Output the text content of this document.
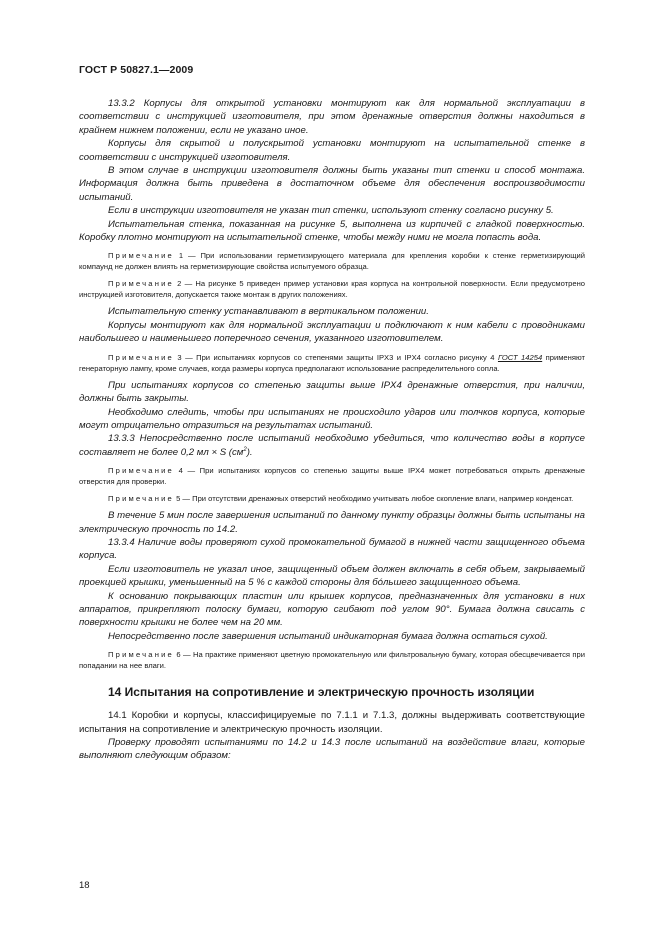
ГОСТ Р 50827.1—2009

13.3.2 Корпусы для открытой установки монтируют как для нормальной эксплуатации в соответствии с инструкцией изготовителя, при этом дренажные отверстия должны находиться в крайнем нижнем положении, если не указано иное.

Корпусы для скрытой и полускрытой установки монтируют на испытательной стенке в соответствии с инструкцией изготовителя.

В этом случае в инструкции изготовителя должны быть указаны тип стенки и способ монтажа. Информация должна быть приведена в достаточном объеме для обеспечения воспроизводимости испытаний.

Если в инструкции изготовителя не указан тип стенки, используют стенку согласно рисунку 5.

Испытательная стенка, показанная на рисунке 5, выполнена из кирпичей с гладкой поверхностью. Коробку плотно монтируют на испытательной стенке, чтобы между ними не могла попасть вода.

Примечание 1 — При использовании герметизирующего материала для крепления коробки к стенке герметизирующий компаунд не должен влиять на герметизирующие свойства испытуемого образца.

Примечание 2 — На рисунке 5 приведен пример установки края корпуса на контрольной поверхности. Если предусмотрено инструкцией изготовителя, допускается также монтаж в других положениях.

Испытательную стенку устанавливают в вертикальном положении.

Корпусы монтируют как для нормальной эксплуатации и подключают к ним кабели с проводниками наибольшего и наименьшего поперечного сечения, указанного изготовителем.

Примечание 3 — При испытаниях корпусов со степенями защиты IPX3 и IPX4 согласно рисунку 4 ГОСТ 14254 применяют генераторную лампу, кроме случаев, когда размеры корпуса предполагают использование распределительного сопла.

При испытаниях корпусов со степенью защиты выше IPX4 дренажные отверстия, при наличии, должны быть закрыты.

Необходимо следить, чтобы при испытаниях не происходило ударов или толчков корпуса, которые могут отрицательно отразиться на результатах испытаний.

13.3.3 Непосредственно после испытаний необходимо убедиться, что количество воды в корпусе составляет не более 0,2 мл × S $(см^2)$.

Примечание 4 — При испытаниях корпусов со степенью защиты выше IPX4 может потребоваться открыть дренажные отверстия для проверки.

Примечание 5 — При отсутствии дренажных отверстий необходимо учитывать любое скопление влаги, например конденсат.

В течение 5 мин после завершения испытаний по данному пункту образцы должны быть испытаны на электрическую прочность по 14.2.

13.3.4 Наличие воды проверяют сухой промокательной бумагой в нижней части защищенного объема корпуса.

Если изготовитель не указал иное, защищенный объем должен включать в себя объем, закрываемый проекцией крышки, уменьшенный на 5 % с каждой стороны для бóльшего защищенного объема.

К основанию покрывающих пластин или крышек корпусов, предназначенных для установки в них аппаратов, прикрепляют полоску бумаги, которую сгибают под углом 90°. Бумага должна свисать с поверхности крышки не более чем на 20 мм.

Непосредственно после завершения испытаний индикаторная бумага должна остаться сухой.

Примечание 6 — На практике применяют цветную промокательную или фильтровальную бумагу, которая обесцвечивается при попадании на нее влаги.

14 Испытания на сопротивление и электрическую прочность изоляции

14.1 Коробки и корпусы, классифицируемые по 7.1.1 и 7.1.3, должны выдерживать соответствующие испытания на сопротивление и электрическую прочность изоляции.

Проверку проводят испытаниями по 14.2 и 14.3 после испытаний на воздействие влаги, которые выполняют следующим образом:

18
